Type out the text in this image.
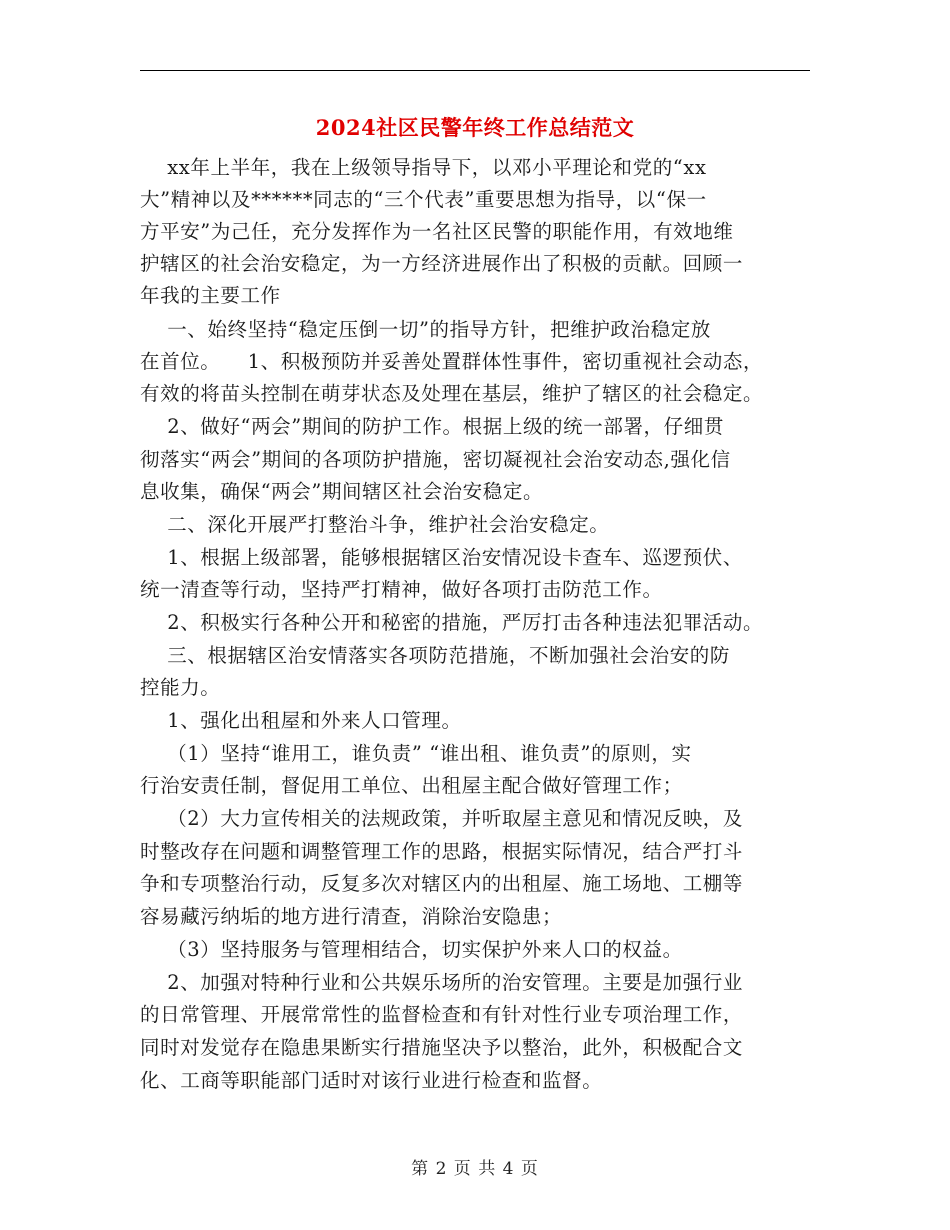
2024社区民警年终工作总结范文
xx年上半年，我在上级领导指导下，以邓小平理论和党的“xx
大”精神以及******同志的“三个代表”重要思想为指导，以“保一
方平安”为己任，充分发挥作为一名社区民警的职能作用，有效地维
护辖区的社会治安稳定，为一方经济进展作出了积极的贡献。回顾一
年我的主要工作
一、始终坚持“稳定压倒一切”的指导方针，把维护政治稳定放
在首位。    1、积极预防并妥善处置群体性事件，密切重视社会动态，
有效的将苗头控制在萌芽状态及处理在基层，维护了辖区的社会稳定。
2、做好“两会”期间的防护工作。根据上级的统一部署，仔细贯
彻落实“两会”期间的各项防护措施，密切凝视社会治安动态,强化信
息收集，确保“两会”期间辖区社会治安稳定。
二、深化开展严打整治斗争，维护社会治安稳定。
1、根据上级部署，能够根据辖区治安情况设卡查车、巡逻预伏、
统一清查等行动，坚持严打精神，做好各项打击防范工作。
2、积极实行各种公开和秘密的措施，严厉打击各种违法犯罪活动。
三、根据辖区治安情落实各项防范措施，不断加强社会治安的防
控能力。
1、强化出租屋和外来人口管理。
（1）坚持“谁用工，谁负责” “谁出租、谁负责”的原则，实
行治安责任制，督促用工单位、出租屋主配合做好管理工作；
（2）大力宣传相关的法规政策，并听取屋主意见和情况反映，及
时整改存在问题和调整管理工作的思路，根据实际情况，结合严打斗
争和专项整治行动，反复多次对辖区内的出租屋、施工场地、工棚等
容易藏污纳垢的地方进行清查，消除治安隐患；
（3）坚持服务与管理相结合，切实保护外来人口的权益。
2、加强对特种行业和公共娱乐场所的治安管理。主要是加强行业
的日常管理、开展常常性的监督检查和有针对性行业专项治理工作，
同时对发觉存在隐患果断实行措施坚决予以整治，此外，积极配合文
化、工商等职能部门适时对该行业进行检查和监督。
第 2 页 共 4 页
